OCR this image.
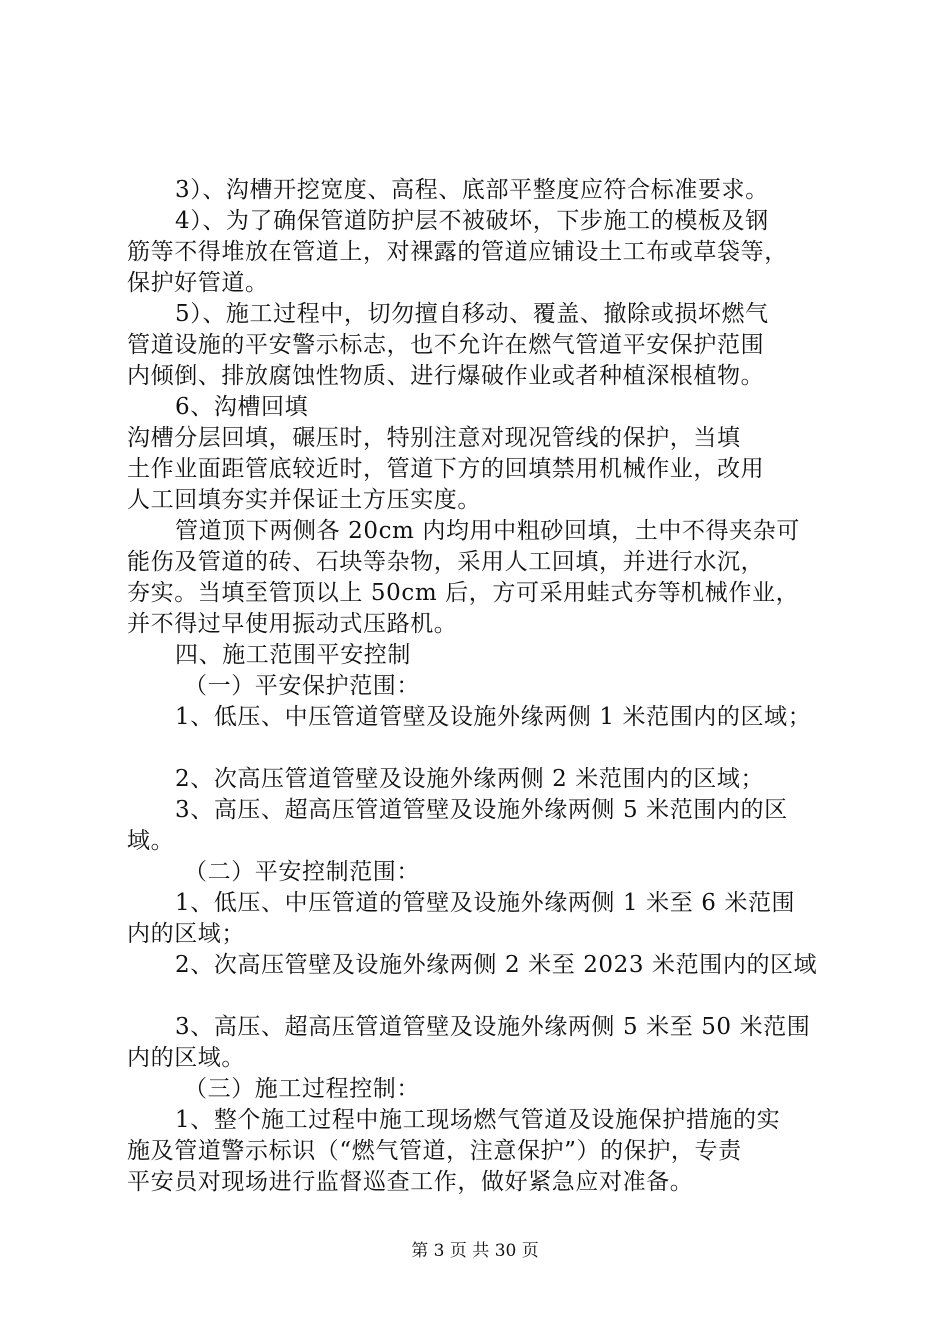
3）、沟槽开挖宽度、高程、底部平整度应符合标准要求。
4）、为了确保管道防护层不被破坏，下步施工的模板及钢
筋等不得堆放在管道上，对裸露的管道应铺设土工布或草袋等，
保护好管道。
5）、施工过程中，切勿擅自移动、覆盖、撤除或损坏燃气
管道设施的平安警示标志，也不允许在燃气管道平安保护范围
内倾倒、排放腐蚀性物质、进行爆破作业或者种植深根植物。
6、沟槽回填
沟槽分层回填，碾压时，特别注意对现况管线的保护，当填
土作业面距管底较近时，管道下方的回填禁用机械作业，改用
人工回填夯实并保证土方压实度。
管道顶下两侧各 20cm 内均用中粗砂回填，土中不得夹杂可
能伤及管道的砖、石块等杂物，采用人工回填，并进行水沉，
夯实。当填至管顶以上 50cm 后，方可采用蛙式夯等机械作业，
并不得过早使用振动式压路机。
四、施工范围平安控制
（一）平安保护范围：
1、低压、中压管道管壁及设施外缘两侧 1 米范围内的区域；
2、次高压管道管壁及设施外缘两侧 2 米范围内的区域；
3、高压、超高压管道管壁及设施外缘两侧 5 米范围内的区
域。
（二）平安控制范围：
1、低压、中压管道的管壁及设施外缘两侧 1 米至 6 米范围
内的区域；
2、次高压管壁及设施外缘两侧 2 米至 2023 米范围内的区域
3、高压、超高压管道管壁及设施外缘两侧 5 米至 50 米范围
内的区域。
（三）施工过程控制：
1、整个施工过程中施工现场燃气管道及设施保护措施的实
施及管道警示标识（“燃气管道，注意保护”）的保护，专责
平安员对现场进行监督巡查工作，做好紧急应对准备。
第 3 页 共 30 页
